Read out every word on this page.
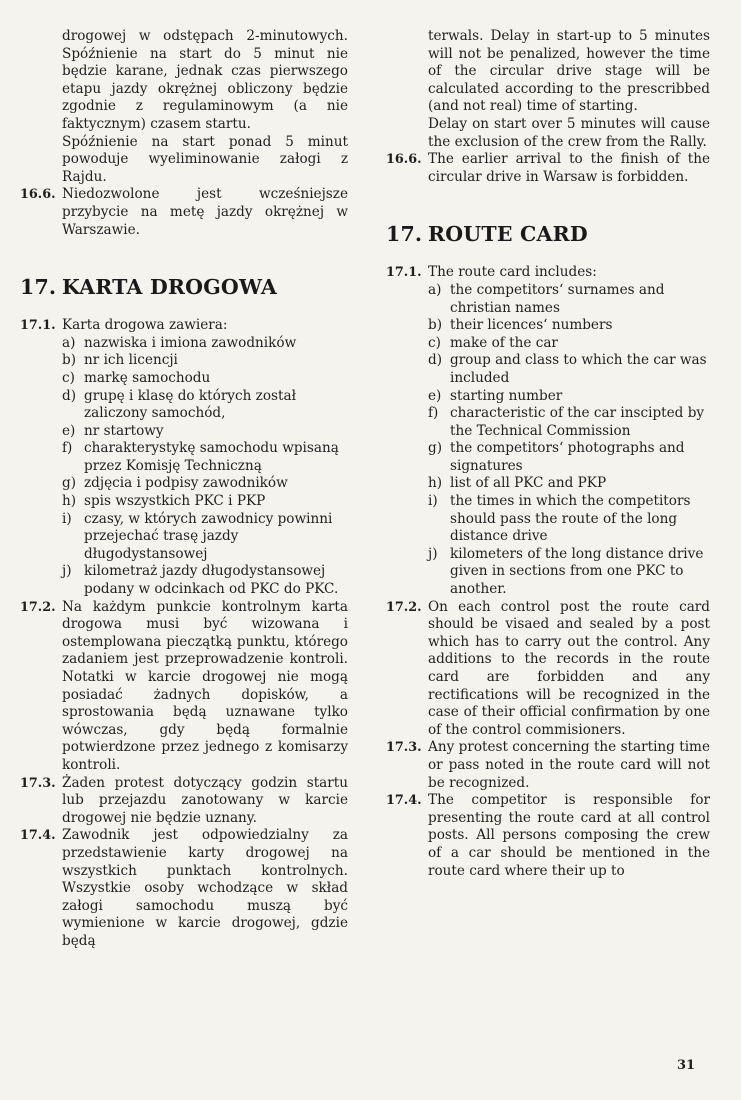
drogowej w odstępach 2-minutowych. Spóźnienie na start do 5 minut nie będzie karane, jednak czas pierwszego etapu jazdy okrężnej obliczony będzie zgodnie z regulaminowym (a nie faktycznym) czasem startu.
Spóźnienie na start ponad 5 minut powoduje wyeliminowanie załogi z Rajdu.
16.6. Niedozwolone jest wcześniejsze przybycie na metę jazdy okrężnej w Warszawie.
17. KARTA DROGOWA
17.1. Karta drogowa zawiera:
a) nazwiska i imiona zawodników
b) nr ich licencji
c) markę samochodu
d) grupę i klasę do których został zaliczony samochód,
e) nr startowy
f) charakterystykę samochodu wpisaną przez Komisję Techniczną
g) zdjęcia i podpisy zawodników
h) spis wszystkich PKC i PKP
i) czasy, w których zawodnicy powinni przejechać trasę jazdy długodystansowej
j) kilometraż jazdy długodystansowej podany w odcinkach od PKC do PKC.
17.2. Na każdym punkcie kontrolnym karta drogowa musi być wizowana i ostemplowana pieczątką punktu, którego zadaniem jest przeprowadzenie kontroli. Notatki w karcie drogowej nie mogą posiadać żadnych dopisków, a sprostowania będą uznawane tylko wówczas, gdy będą formalnie potwierdzone przez jednego z komisarzy kontroli.
17.3. Żaden protest dotyczący godzin startu lub przejazdu zanotowany w karcie drogowej nie będzie uznany.
17.4. Zawodnik jest odpowiedzialny za przedstawienie karty drogowej na wszystkich punktach kontrolnych. Wszystkie osoby wchodzące w skład załogi samochodu muszą być wymienione w karcie drogowej, gdzie będą
terwals. Delay in start-up to 5 minutes will not be penalized, however the time of the circular drive stage will be calculated according to the prescribbed (and not real) time of starting.
Delay on start over 5 minutes will cause the exclusion of the crew from the Rally.
16.6. The earlier arrival to the finish of the circular drive in Warsaw is forbidden.
17. ROUTE CARD
17.1. The route card includes:
a) the competitors‘ surnames and christian names
b) their licences‘ numbers
c) make of the car
d) group and class to which the car was included
e) starting number
f) characteristic of the car inscipted by the Technical Commission
g) the competitors‘ photographs and signatures
h) list of all PKC and PKP
i) the times in which the competitors should pass the route of the long distance drive
j) kilometers of the long distance drive given in sections from one PKC to another.
17.2. On each control post the route card should be visaed and sealed by a post which has to carry out the control. Any additions to the records in the route card are forbidden and any rectifications will be recognized in the case of their official confirmation by one of the control commisioners.
17.3. Any protest concerning the starting time or pass noted in the route card will not be recognized.
17.4. The competitor is responsible for presenting the route card at all control posts. All persons composing the crew of a car should be mentioned in the route card where their up to
31
